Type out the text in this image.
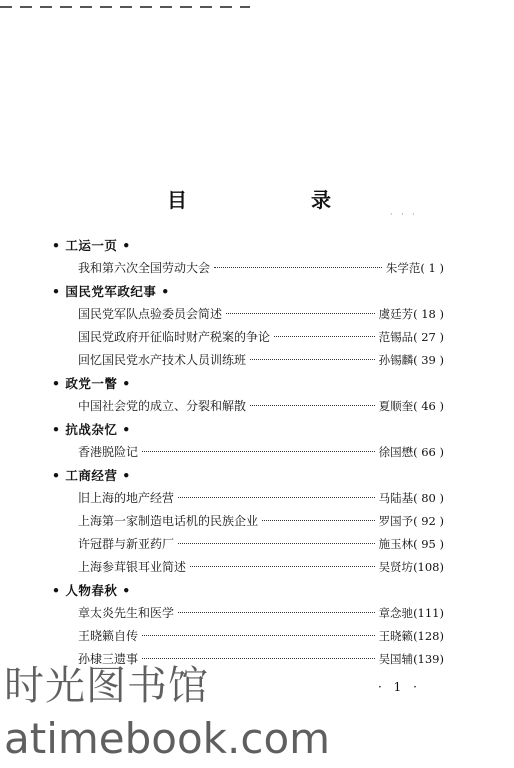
目　　录
· · ·
• 工运一页 •
我和第六次全国劳动大会	朱学范 ( 1 )
• 国民党军政纪事 •
国民党军队点验委员会简述	虞廷芳 ( 18 )
国民党政府开征临时财产税案的争论	范锡品 ( 27 )
回忆国民党水产技术人员训练班	孙锡麟 ( 39 )
• 政党一瞥 •
中国社会党的成立、分裂和解散	夏顺奎 ( 46 )
• 抗战杂忆 •
香港脱险记	徐国懋 ( 66 )
• 工商经营 •
旧上海的地产经营	马陆基 ( 80 )
上海第一家制造电话机的民族企业	罗国予 ( 92 )
许冠群与新亚药厂	施玉林 ( 95 )
上海参茸银耳业简述	吴贤坊 (108)
• 人物春秋 •
章太炎先生和医学	章念驰 (111)
王晓籁自传	王晓籁 (128)
孙棣三遗事	吴国辅 (139)
· 1 ·
时光图书馆
atimebook.com
